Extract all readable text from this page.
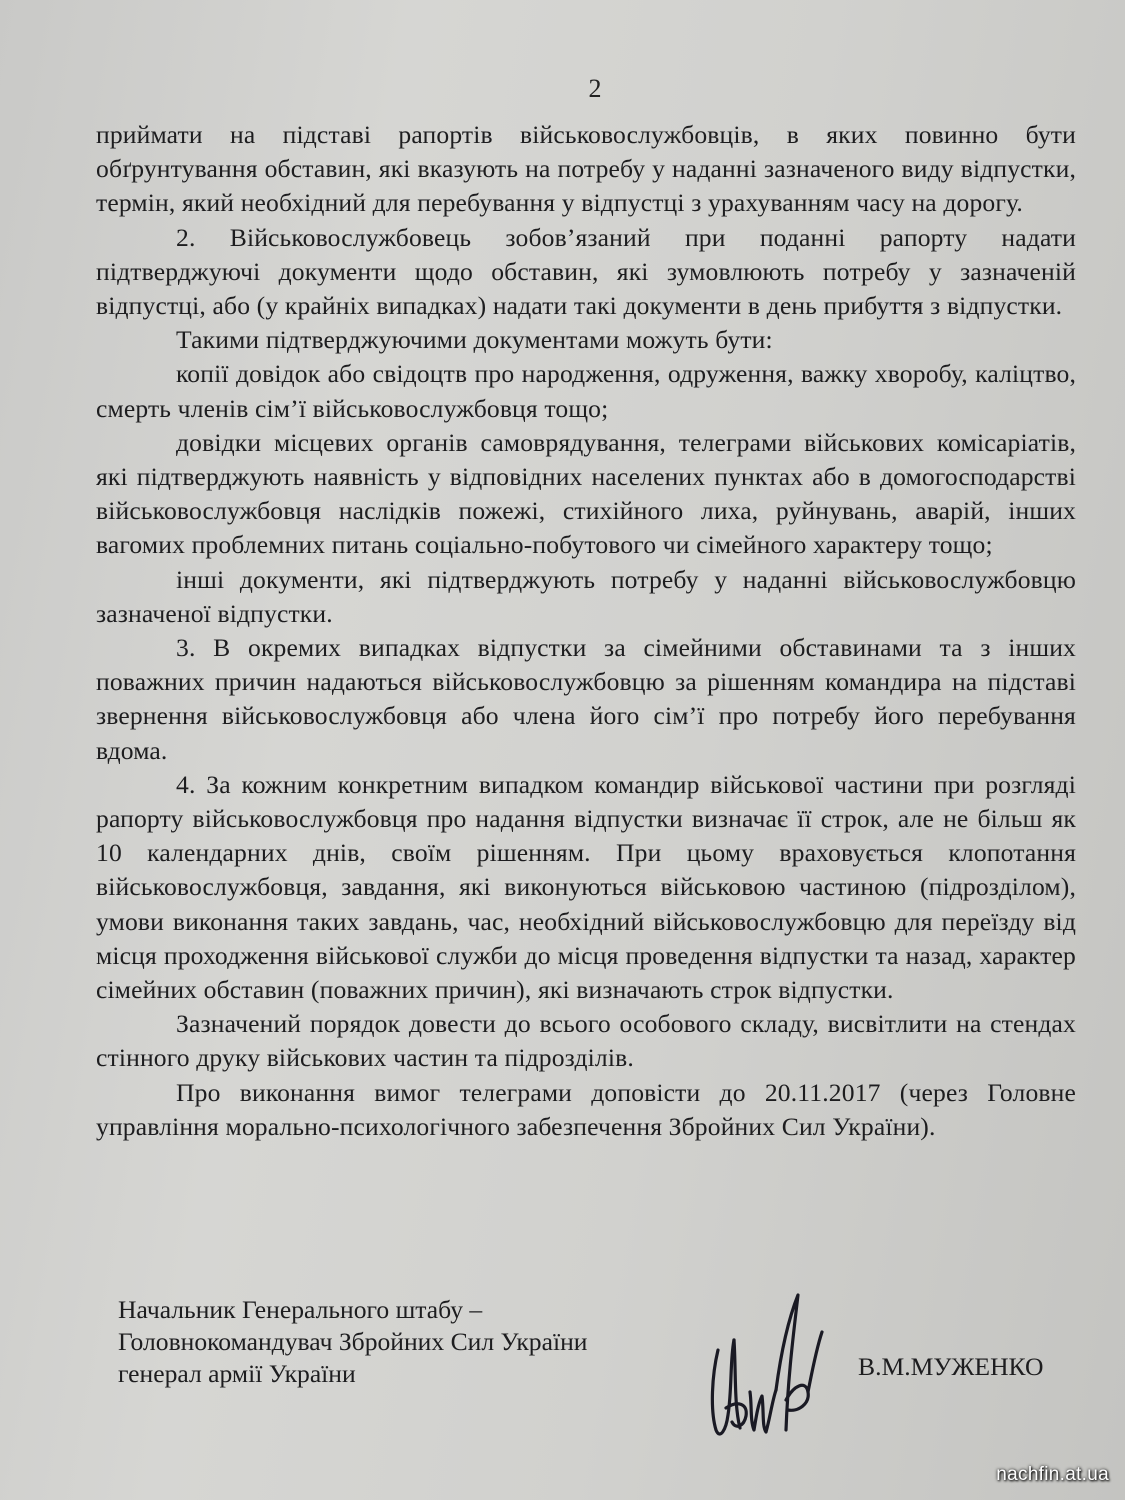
2

приймати на підставі рапортів військовослужбовців, в яких повинно бути обґрунтування обставин, які вказують на потребу у наданні зазначеного виду відпустки, термін, який необхідний для перебування у відпустці з урахуванням часу на дорогу.

2. Військовослужбовець зобов’язаний при поданні рапорту надати підтверджуючі документи щодо обставин, які зумовлюють потребу у зазначеній відпустці, або (у крайніх випадках) надати такі документи в день прибуття з відпустки.

Такими підтверджуючими документами можуть бути:

копії довідок або свідоцтв про народження, одруження, важку хворобу, каліцтво, смерть членів сім’ї військовослужбовця тощо;

довідки місцевих органів самоврядування, телеграми військових комісаріатів, які підтверджують наявність у відповідних населених пунктах або в домогосподарстві військовослужбовця наслідків пожежі, стихійного лиха, руйнувань, аварій, інших вагомих проблемних питань соціально-побутового чи сімейного характеру тощо;

інші документи, які підтверджують потребу у наданні військовослужбовцю зазначеної відпустки.

3. В окремих випадках відпустки за сімейними обставинами та з інших поважних причин надаються військовослужбовцю за рішенням командира на підставі звернення військовослужбовця або члена його сім’ї про потребу його перебування вдома.

4. За кожним конкретним випадком командир військової частини при розгляді рапорту військовослужбовця про надання відпустки визначає її строк, але не більш як 10 календарних днів, своїм рішенням. При цьому враховується клопотання військовослужбовця, завдання, які виконуються військовою частиною (підрозділом), умови виконання таких завдань, час, необхідний військовослужбовцю для переїзду від місця проходження військової служби до місця проведення відпустки та назад, характер сімейних обставин (поважних причин), які визначають строк відпустки.

Зазначений порядок довести до всього особового складу, висвітлити на стендах стінного друку військових частин та підрозділів.

Про виконання вимог телеграми доповісти до 20.11.2017 (через Головне управління морально-психологічного забезпечення Збройних Сил України).

Начальник Генерального штабу –
Головнокомандувач Збройних Сил України
генерал армії України	В.М.МУЖЕНКО
nachfin.at.ua
